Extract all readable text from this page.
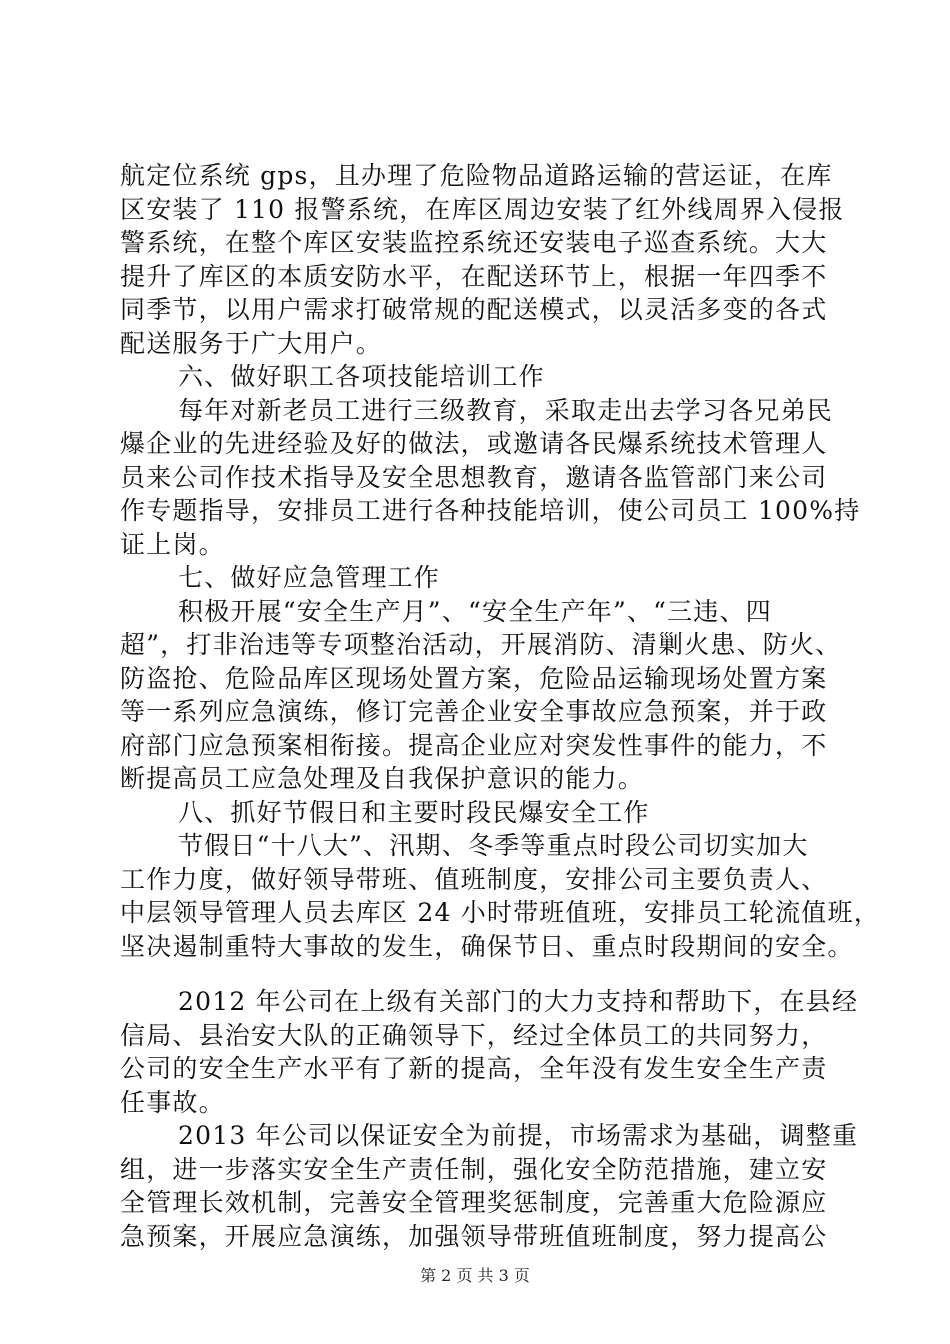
航定位系统 gps，且办理了危险物品道路运输的营运证，在库
区安装了 110 报警系统，在库区周边安装了红外线周界入侵报
警系统，在整个库区安装监控系统还安装电子巡查系统。大大
提升了库区的本质安防水平，在配送环节上，根据一年四季不
同季节，以用户需求打破常规的配送模式，以灵活多变的各式
配送服务于广大用户。
六、做好职工各项技能培训工作
每年对新老员工进行三级教育，采取走出去学习各兄弟民
爆企业的先进经验及好的做法，或邀请各民爆系统技术管理人
员来公司作技术指导及安全思想教育，邀请各监管部门来公司
作专题指导，安排员工进行各种技能培训，使公司员工 100%持
证上岗。
七、做好应急管理工作
积极开展“安全生产月”、“安全生产年”、“三违、四
超”，打非治违等专项整治活动，开展消防、清剿火患、防火、
防盗抢、危险品库区现场处置方案，危险品运输现场处置方案
等一系列应急演练，修订完善企业安全事故应急预案，并于政
府部门应急预案相衔接。提高企业应对突发性事件的能力，不
断提高员工应急处理及自我保护意识的能力。
八、抓好节假日和主要时段民爆安全工作
节假日“十八大”、汛期、冬季等重点时段公司切实加大
工作力度，做好领导带班、值班制度，安排公司主要负责人、
中层领导管理人员去库区 24 小时带班值班，安排员工轮流值班，
坚决遏制重特大事故的发生，确保节日、重点时段期间的安全。
2012 年公司在上级有关部门的大力支持和帮助下，在县经
信局、县治安大队的正确领导下，经过全体员工的共同努力，
公司的安全生产水平有了新的提高，全年没有发生安全生产责
任事故。
2013 年公司以保证安全为前提，市场需求为基础，调整重
组，进一步落实安全生产责任制，强化安全防范措施，建立安
全管理长效机制，完善安全管理奖惩制度，完善重大危险源应
急预案，开展应急演练，加强领导带班值班制度，努力提高公
第 2 页 共 3 页
